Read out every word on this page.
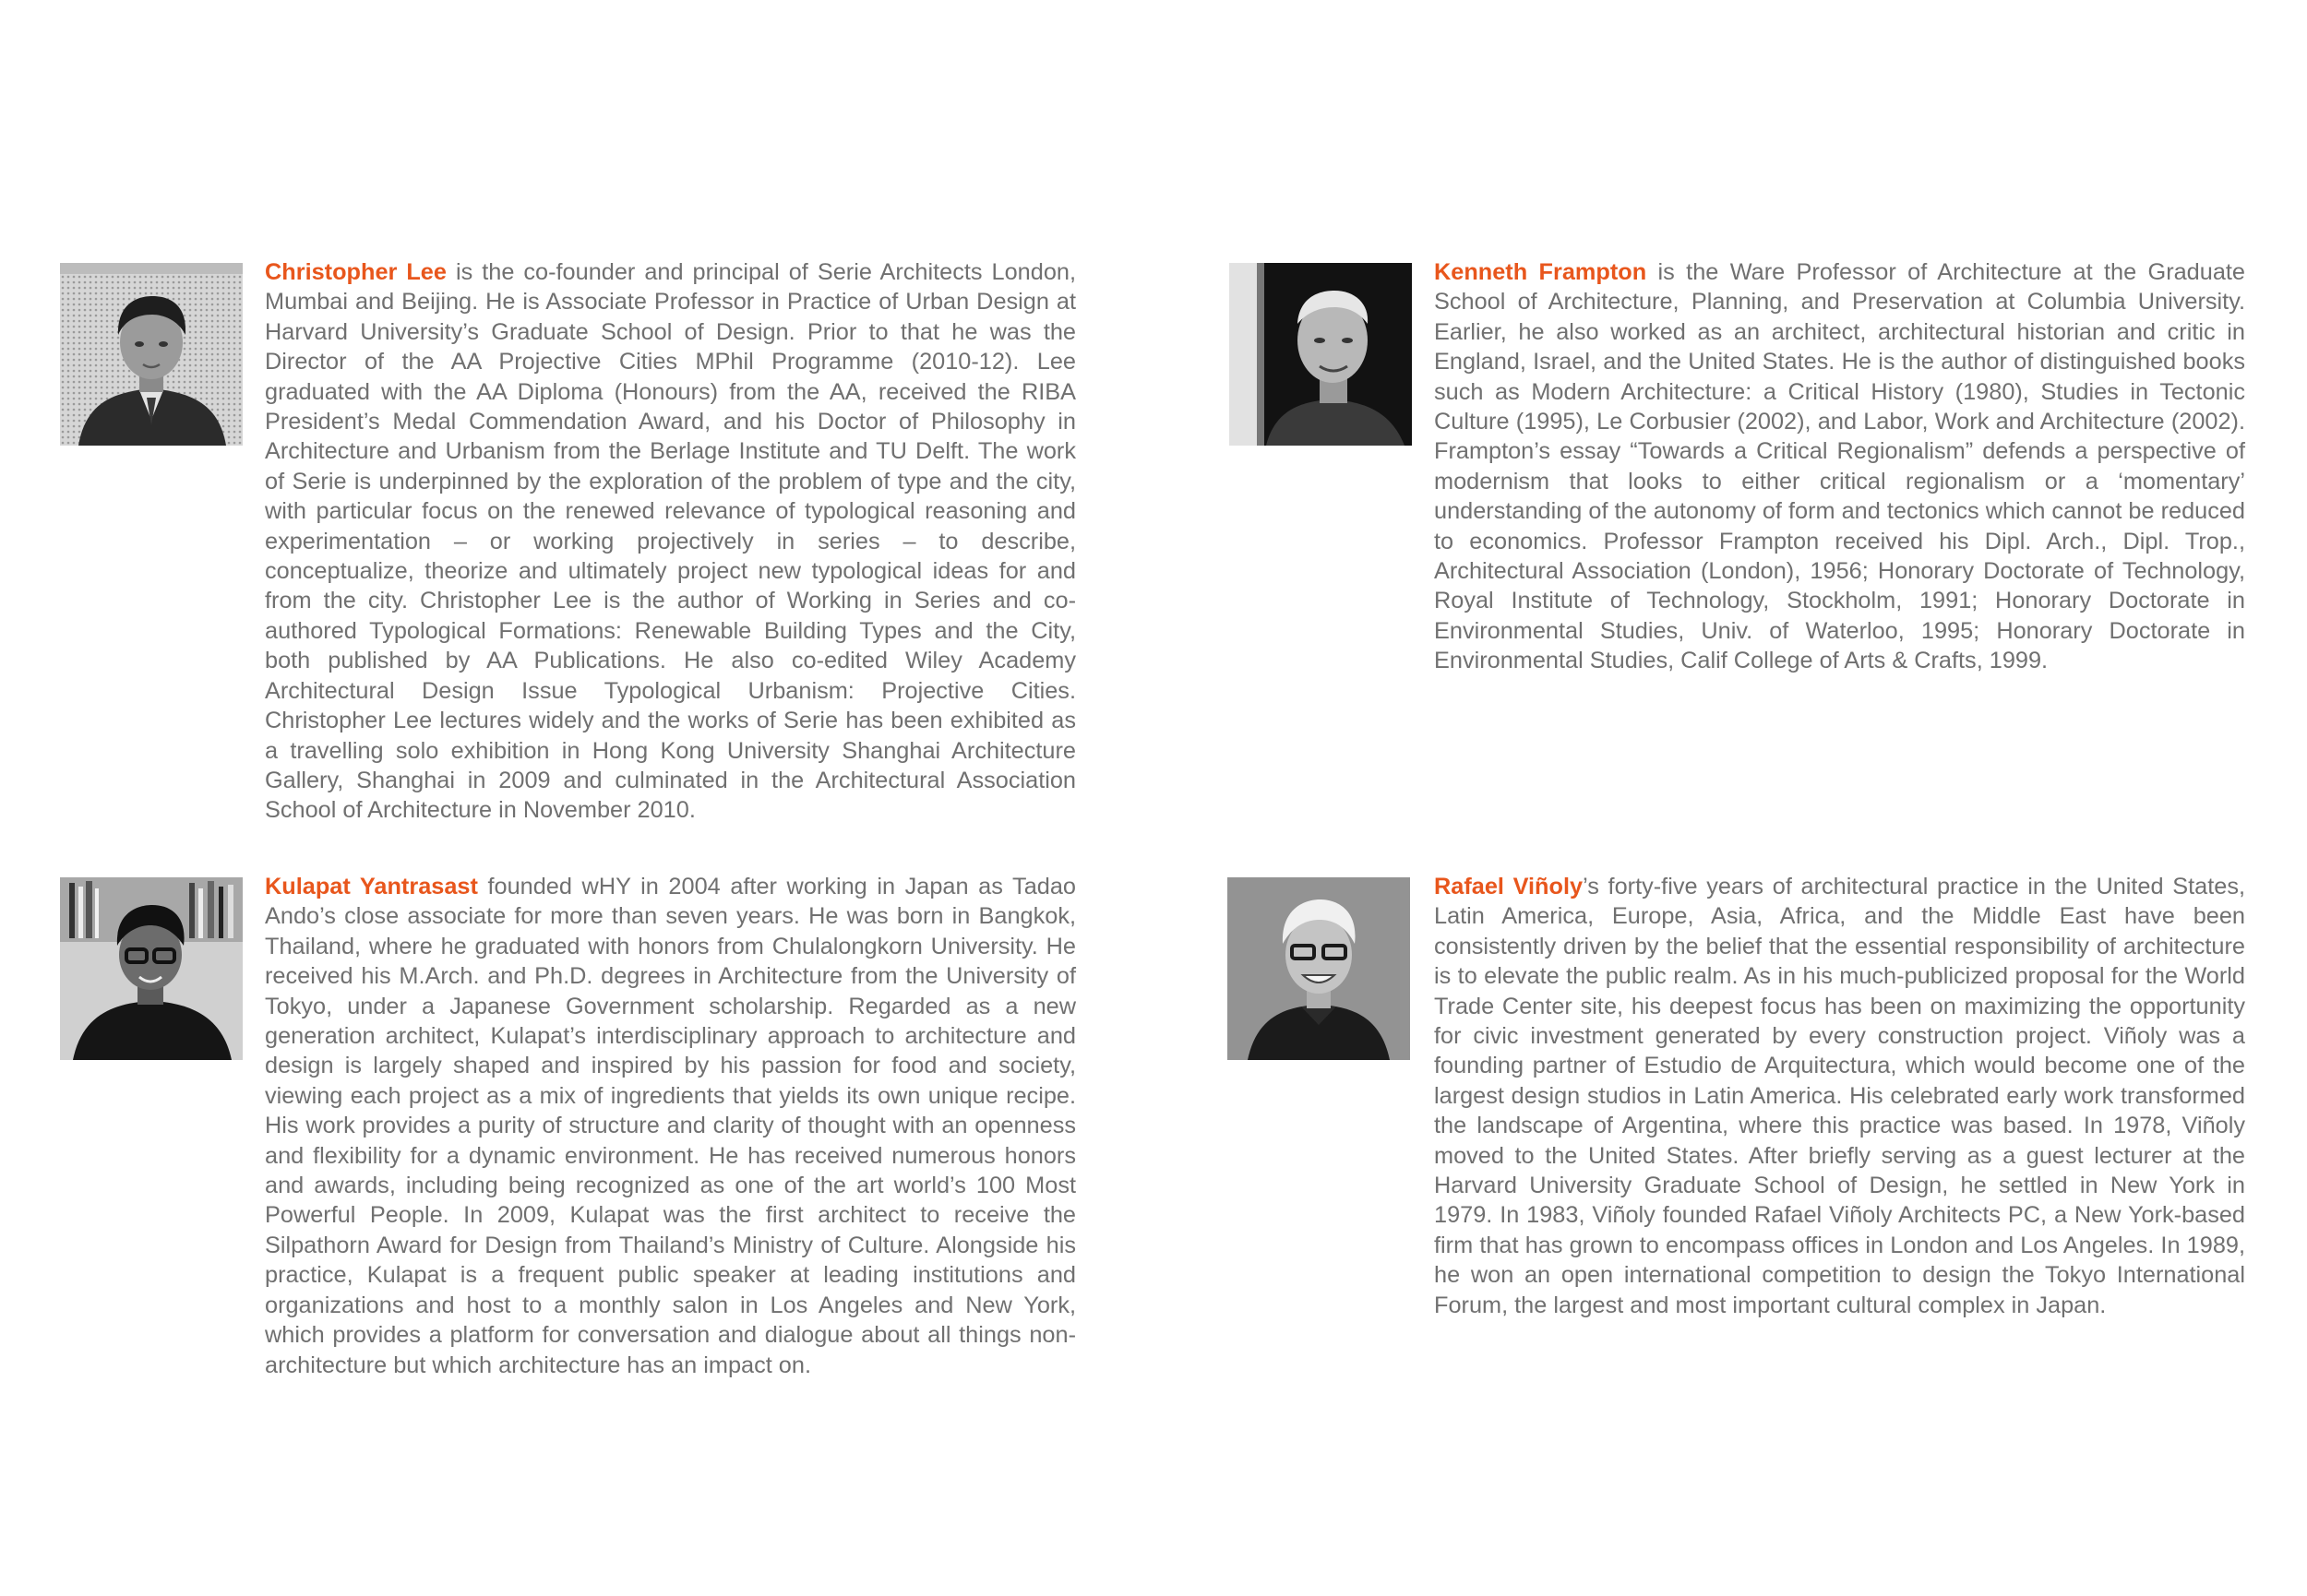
Christopher Lee is the co-founder and principal of Serie Architects London, Mumbai and Beijing. He is Associate Professor in Practice of Urban Design at Harvard University’s Graduate School of Design. Prior to that he was the Director of the AA Projective Cities MPhil Programme (2010-12). Lee graduated with the AA Diploma (Honours) from the AA, received the RIBA President’s Medal Commendation Award, and his Doctor of Philosophy in Architecture and Urbanism from the Berlage Institute and TU Delft. The work of Serie is underpinned by the exploration of the problem of type and the city, with particular focus on the renewed relevance of typological reasoning and experimentation – or working projectively in series – to describe, conceptualize, theorize and ultimately project new typological ideas for and from the city. Christopher Lee is the author of Working in Series and co-authored Typological Formations: Renewable Building Types and the City, both published by AA Publications. He also co-edited Wiley Academy Architectural Design Issue Typological Urbanism: Projective Cities. Christopher Lee lectures widely and the works of Serie has been exhibited as a travelling solo exhibition in Hong Kong University Shanghai Architecture Gallery, Shanghai in 2009 and culminated in the Architectural Association School of Architecture in November 2010.

Kenneth Frampton is the Ware Professor of Architecture at the Graduate School of Architecture, Planning, and Preservation at Columbia University. Earlier, he also worked as an architect, architectural historian and critic in England, Israel, and the United States. He is the author of distinguished books such as Modern Architecture: a Critical History (1980), Studies in Tectonic Culture (1995), Le Corbusier (2002), and Labor, Work and Architecture (2002). Frampton’s essay “Towards a Critical Regionalism” defends a perspective of modernism that looks to either critical regionalism or a ‘momentary’ understanding of the autonomy of form and tectonics which cannot be reduced to economics. Professor Frampton received his Dipl. Arch., Dipl. Trop., Architectural Association (London), 1956; Honorary Doctorate of Technology, Royal Institute of Technology, Stockholm, 1991; Honorary Doctorate in Environmental Studies, Univ. of Waterloo, 1995; Honorary Doctorate in Environmental Studies, Calif College of Arts & Crafts, 1999.

Kulapat Yantrasast founded wHY in 2004 after working in Japan as Tadao Ando’s close associate for more than seven years. He was born in Bangkok, Thailand, where he graduated with honors from Chulalongkorn University. He received his M.Arch. and Ph.D. degrees in Architecture from the University of Tokyo, under a Japanese Government scholarship. Regarded as a new generation architect, Kulapat’s interdisciplinary approach to architecture and design is largely shaped and inspired by his passion for food and society, viewing each project as a mix of ingredients that yields its own unique recipe. His work provides a purity of structure and clarity of thought with an openness and flexibility for a dynamic environment. He has received numerous honors and awards, including being recognized as one of the art world’s 100 Most Powerful People. In 2009, Kulapat was the first architect to receive the Silpathorn Award for Design from Thailand’s Ministry of Culture. Alongside his practice, Kulapat is a frequent public speaker at leading institutions and organizations and host to a monthly salon in Los Angeles and New York, which provides a platform for conversation and dialogue about all things non-architecture but which architecture has an impact on.

Rafael Viñoly’s forty-five years of architectural practice in the United States, Latin America, Europe, Asia, Africa, and the Middle East have been consistently driven by the belief that the essential responsibility of architecture is to elevate the public realm. As in his much-publicized proposal for the World Trade Center site, his deepest focus has been on maximizing the opportunity for civic investment generated by every construction project. Viñoly was a founding partner of Estudio de Arquitectura, which would become one of the largest design studios in Latin America. His celebrated early work transformed the landscape of Argentina, where this practice was based. In 1978, Viñoly moved to the United States. After briefly serving as a guest lecturer at the Harvard University Graduate School of Design, he settled in New York in 1979. In 1983, Viñoly founded Rafael Viñoly Architects PC, a New York-based firm that has grown to encompass offices in London and Los Angeles. In 1989, he won an open international competition to design the Tokyo International Forum, the largest and most important cultural complex in Japan.
